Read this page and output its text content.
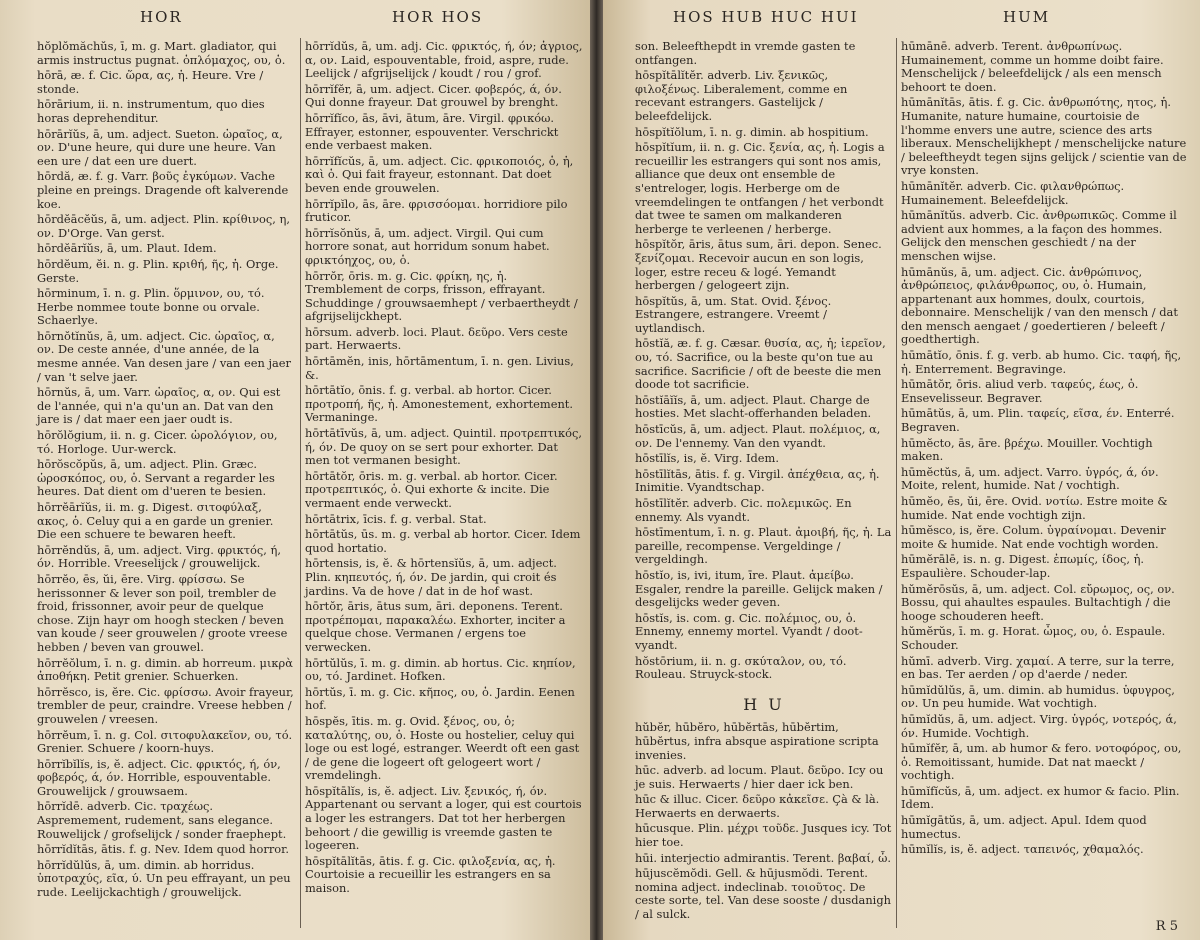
HOR	HOR HOS
hŏplŏmăchŭs, ī, m. g. Mart. gladiator, qui armis instructus pugnat. ὁπλόμαχος, ου, ὁ.
hōrā, æ. f. Cic. ὥρα, ας, ἡ. Heure. Vre / stonde.
hōrārium, ii. n. instrumentum, quo dies horas deprehenditur.
hōrārĭŭs, ā, um. adject. Sueton. ὡραῖος, α, ον. D'une heure, qui dure une heure. Van een ure / dat een ure duert.
hōrdă, æ. f. g. Varr. βοῦς ἐγκύμων. Vache pleine en preings. Dragende oft kalverende koe.
hōrdĕācĕŭs, ā, um. adject. Plin. κρίθινος, η, ον. D'Orge. Van gerst.
hōrdĕārĭŭs, ā, um. Plaut. Idem.
hōrdĕum, ĕi. n. g. Plin. κριθή, ῆς, ἡ. Orge. Gerste.
hōrminum, ī. n. g. Plin. ὅρμινον, ου, τό. Herbe nommee toute bonne ou orvale. Schaerlye.
hōrnŏtĭnŭs, ā, um. adject. Cic. ὡραῖος, α, ον. De ceste année, d'une année, de la mesme année. Van desen jare / van een jaer / van 't selve jaer.
hōrnŭs, ā, um. Varr. ὡραῖος, α, ον. Qui est de l'année, qui n'a qu'un an. Dat van den jare is / dat maer een jaer oudt is.
hōrŏlŏgium, ii. n. g. Cicer. ὡρολόγιον, ου, τό. Horloge. Uur-werck.
hōrŏscŏpŭs, ā, um. adject. Plin. Græc. ὡροσκόπος, ου, ὁ. Servant a regarder les heures. Dat dient om d'ueren te besien.
hōrrĕārĭŭs, ii. m. g. Digest. σιτοφύλαξ, ακος, ὁ. Celuy qui a en garde un grenier. Die een schuere te bewaren heeft.
hōrrĕndŭs, ā, um. adject. Virg. φρικτός, ή, όν. Horrible. Vreeselijck / grouwelijck.
hōrrĕo, ēs, ŭi, ēre. Virg. φρίσσω. Se herissonner & lever son poil, trembler de froid, frissonner, avoir peur de quelque chose. Zijn hayr om hoogh stecken / beven van koude / seer grouwelen / groote vreese hebben / beven van grouwel.
hōrrĕŏlum, ī. n. g. dimin. ab horreum. μικρὰ ἀποθήκη. Petit grenier. Schuerken.
hōrrĕsco, is, ĕre. Cic. φρίσσω. Avoir frayeur, trembler de peur, craindre. Vreese hebben / grouwelen / vreesen.
hōrrĕum, ī. n. g. Col. σιτοφυλακεῖον, ου, τό. Grenier. Schuere / koorn-huys.
hōrrĭbĭlĭs, is, ĕ. adject. Cic. φρικτός, ή, όν, φοβερός, ά, όν. Horrible, espouventable. Grouwelijck / grouwsaem.
hōrrĭdē. adverb. Cic. τραχέως. Aspremement, rudement, sans elegance. Rouwelijck / grofselijck / sonder fraephept.
hōrrĭdĭtās, ātis. f. g. Nev. Idem quod horror.
hōrrĭdŭlŭs, ā, um. dimin. ab horridus. ὑποτραχύς, εῖα, ύ. Un peu effrayant, un peu rude. Leelijckachtigh / grouwelijck.
hōrrĭdŭs, ā, um. adj. Cic. φρικτός, ή, όν; ἀγριος, α, ον. Laid, espouventable, froid, aspre, rude. Leelijck / afgrijselijck / koudt / rou / grof.
hōrrĭfĕr, ā, um. adject. Cicer. φοβερός, ά, όν. Qui donne frayeur. Dat grouwel by brenght.
hōrrĭfĭco, ās, āvi, ātum, āre. Virgil. φρικόω. Effrayer, estonner, espouventer. Verschrickt ende verbaest maken.
hōrrĭfĭcŭs, ā, um. adject. Cic. φρικοποιός, ὁ, ἡ, καὶ ὁ. Qui fait frayeur, estonnant. Dat doet beven ende grouwelen.
hōrrĭpĭlo, ās, āre. φρισσόομαι. horridiore pilo fruticor.
hōrrĭsŏnŭs, ā, um. adject. Virgil. Qui cum horrore sonat, aut horridum sonum habet. φρικτόηχος, ου, ὁ.
hōrrŏr, ōris. m. g. Cic. φρίκη, ης, ἡ. Tremblement de corps, frisson, effrayant. Schuddinge / grouwsaemhept / verbaertheydt / afgrijselijckhept.
hōrsum. adverb. loci. Plaut. δεῦρο. Vers ceste part. Herwaerts.
hōrtāmĕn, inis, hōrtāmentum, ī. n. gen. Livius, &.
hōrtātĭo, ōnis. f. g. verbal. ab hortor. Cicer. προτροπή, ῆς, ἡ. Amonestement, exhortement. Vermaninge.
hōrtātīvŭs, ā, um. adject. Quintil. προτρεπτικός, ή, όν. De quoy on se sert pour exhorter. Dat men tot vermanen besight.
hōrtātŏr, ōris. m. g. verbal. ab hortor. Cicer. προτρεπτικός, ὁ. Qui exhorte & incite. Die vermaent ende verweckt.
hōrtātrix, īcis. f. g. verbal. Stat.
hōrtātŭs, ūs. m. g. verbal ab hortor. Cicer. Idem quod hortatio.
hōrtensis, is, ĕ. & hōrtensĭŭs, ā, um. adject. Plin. κηπευτός, ή, όν. De jardin, qui croit és jardins. Va de hove / dat in de hof wast.
hōrtŏr, āris, ātus sum, āri. deponens. Terent. προτρέπομαι, παρακαλέω. Exhorter, inciter a quelque chose. Vermanen / ergens toe verwecken.
hōrtŭlŭs, ī. m. g. dimin. ab hortus. Cic. κηπίον, ου, τό. Jardinet. Hofken.
hōrtŭs, ī. m. g. Cic. κῆπος, ου, ὁ. Jardin. Eenen hof.
hōspĕs, ītis. m. g. Ovid. ξένος, ου, ὁ; καταλύτης, ου, ὁ. Hoste ou hostelier, celuy qui loge ou est logé, estranger. Weerdt oft een gast / de gene die logeert oft gelogeert wort / vremdelingh.
hōspĭtālĭs, is, ĕ. adject. Liv. ξενικός, ή, όν. Appartenant ou servant a loger, qui est courtois a loger les estrangers. Dat tot her herbergen behoort / die gewillig is vreemde gasten te logeeren.
hōspĭtālĭtās, ātis. f. g. Cic. φιλοξενία, ας, ἡ. Courtoisie a recueillir les estrangers en sa maison.
HOS HUB HUC HUI	HUM
son. Beleefthepdt in vremde gasten te ontfangen.
hōspĭtālĭtĕr. adverb. Liv. ξενικῶς, φιλοξένως. Liberalement, comme en recevant estrangers. Gastelijck / beleefdelijck.
hōspĭtĭŏlum, ī. n. g. dimin. ab hospitium.
hōspĭtĭum, ii. n. g. Cic. ξενία, ας, ἡ. Logis a recueillir les estrangers qui sont nos amis, alliance que deux ont ensemble de s'entreloger, logis. Herberge om de vreemdelingen te ontfangen / het verbondt dat twee te samen om malkanderen herberge te verleenen / herberge.
hōspĭtŏr, āris, ātus sum, āri. depon. Senec. ξενίζομαι. Recevoir aucun en son logis, loger, estre receu & logé. Yemandt herbergen / gelogeert zijn.
hōspĭtŭs, ā, um. Stat. Ovid. ξένος. Estrangere, estrangere. Vreemt / uytlandisch.
hōstĭă, æ. f. g. Cæsar. θυσία, ας, ἡ; ἱερεῖον, ου, τό. Sacrifice, ou la beste qu'on tue au sacrifice. Sacrificie / oft de beeste die men doode tot sacrificie.
hōstĭāĭĭs, ā, um. adject. Plaut. Charge de hosties. Met slacht-offerhanden beladen.
hōstīcŭs, ā, um. adject. Plaut. πολέμιος, α, ον. De l'ennemy. Van den vyandt.
hōstīlĭs, is, ĕ. Virg. Idem.
hōstīlĭtās, ātis. f. g. Virgil. ἀπέχθεια, ας, ἡ. Inimitie. Vyandtschap.
hōstīlĭtĕr. adverb. Cic. πολεμικῶς. En ennemy. Als vyandt.
hōstīmentum, ī. n. g. Plaut. ἀμοιβή, ῆς, ἡ. La pareille, recompense. Vergeldinge / vergeldingh.
hōstĭo, is, ivi, itum, īre. Plaut. ἀμείβω. Esgaler, rendre la pareille. Gelijck maken / desgelijcks weder geven.
hōstĭs, is. com. g. Cic. πολέμιος, ου, ὁ. Ennemy, ennemy mortel. Vyandt / doot-vyandt.
hŏstōrium, ii. n. g. σκύταλον, ου, τό. Rouleau. Struyck-stock.
H U
hŭbĕr, hūbĕro, hūbĕrtās, hūbĕrtim, hūbĕrtus, infra absque aspiratione scripta invenies.
hūc. adverb. ad locum. Plaut. δεῦρο. Icy ou je suis. Herwaerts / hier daer ick ben.
hūc & illuc. Cicer. δεῦρο κἀκεῖσε. Çà & là. Herwaerts en derwaerts.
hūcusque. Plin. μέχρι τοῦδε. Jusques icy. Tot hier toe.
hūi. interjectio admirantis. Terent. βαβαί, ὦ.
hūjuscĕmŏdi. Gell. & hūjusmŏdi. Terent. nomina adject. indeclinab. τοιοῦτος. De ceste sorte, tel. Van dese sooste / dusdanigh / al sulck.
hūmānē. adverb. Terent. ἀνθρωπίνως. Humainement, comme un homme doibt faire. Menschelijck / beleefdelijck / als een mensch behoort te doen.
hūmānĭtās, ātis. f. g. Cic. ἀνθρωπότης, ητος, ἡ. Humanite, nature humaine, courtoisie de l'homme envers une autre, science des arts liberaux. Menschelijkhept / menschelijcke nature / beleeftheydt tegen sijns gelijck / scientie van de vrye konsten.
hūmānĭtĕr. adverb. Cic. φιλανθρώπως. Humainement. Beleefdelijck.
hūmānĭtŭs. adverb. Cic. ἀνθρωπικῶς. Comme il advient aux hommes, a la façon des hommes. Gelijck den menschen geschiedt / na der menschen wijse.
hūmānŭs, ā, um. adject. Cic. ἀνθρώπινος, ἀνθρώπειος, φιλάνθρωπος, ου, ὁ. Humain, appartenant aux hommes, doulx, courtois, debonnaire. Menschelijk / van den mensch / dat den mensch aengaet / goedertieren / beleeft / goedthertigh.
hūmātĭo, ōnis. f. g. verb. ab humo. Cic. ταφή, ῆς, ἡ. Enterrement. Begravinge.
hūmātŏr, ōris. aliud verb. ταφεύς, έως, ὁ. Ensevelisseur. Begraver.
hūmātŭs, ā, um. Plin. ταφείς, εῖσα, έν. Enterré. Begraven.
hūmĕcto, ās, āre. βρέχω. Mouiller. Vochtigh maken.
hūmĕctŭs, ā, um. adject. Varro. ὑγρός, ά, όν. Moite, relent, humide. Nat / vochtigh.
hūmĕo, ēs, ŭi, ēre. Ovid. νοτίω. Estre moite & humide. Nat ende vochtigh zijn.
hūmĕsco, is, ĕre. Colum. ὑγραίνομαι. Devenir moite & humide. Nat ende vochtigh worden.
hūmĕrālē, is. n. g. Digest. ἐπωμίς, ίδος, ἡ. Espaulière. Schouder-lap.
hŭmĕrōsŭs, ā, um. adject. Col. εὔρωμος, ος, ον. Bossu, qui ahaultes espaules. Bultachtigh / die hooge schouderen heeft.
hŭmĕrŭs, ī. m. g. Horat. ὦμος, ου, ὁ. Espaule. Schouder.
hŭmī. adverb. Virg. χαμαί. A terre, sur la terre, en bas. Ter aerden / op d'aerde / neder.
hūmĭdŭlŭs, ā, um. dimin. ab humidus. ὑφυγρος, ον. Un peu humide. Wat vochtigh.
hūmĭdŭs, ā, um. adject. Virg. ὑγρός, νοτερός, ά, όν. Humide. Vochtigh.
hūmĭfĕr, ā, um. ab humor & fero. νοτοφόρος, ου, ὁ. Remoitissant, humide. Dat nat maeckt / vochtigh.
hūmĭfĭcŭs, ā, um. adject. ex humor & facio. Plin. Idem.
hūmĭgātŭs, ā, um. adject. Apul. Idem quod humectus.
hūmĭlĭs, is, ĕ. adject. ταπεινός, χθαμαλός.
R 5
